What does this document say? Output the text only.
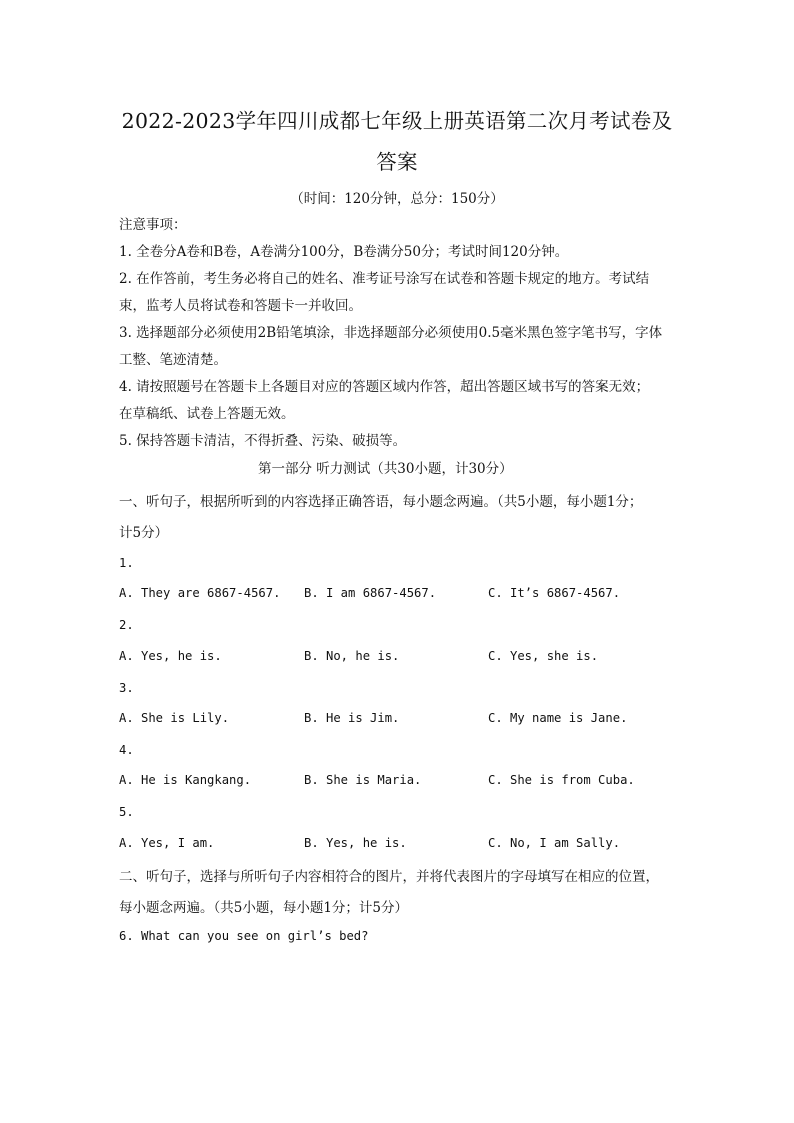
2022-2023学年四川成都七年级上册英语第二次月考试卷及
答案
（时间：120分钟，总分：150分）
注意事项：
1. 全卷分A卷和B卷，A卷满分100分，B卷满分50分；考试时间120分钟。
2. 在作答前，考生务必将自己的姓名、准考证号涂写在试卷和答题卡规定的地方。考试结
束，监考人员将试卷和答题卡一并收回。
3. 选择题部分必须使用2B铅笔填涂，非选择题部分必须使用0.5毫米黑色签字笔书写，字体
工整、笔迹清楚。
4. 请按照题号在答题卡上各题目对应的答题区域内作答，超出答题区域书写的答案无效；
在草稿纸、试卷上答题无效。
5. 保持答题卡清洁，不得折叠、污染、破损等。
第一部分 听力测试（共30小题，计30分）
一、听句子，根据所听到的内容选择正确答语，每小题念两遍。（共5小题，每小题1分；
计5分）
1.
A. They are 6867-4567. B. I am 6867-4567.	C. It’s 6867-4567.
2.
A. Yes, he is.	B. No, he is.	C. Yes, she is.
3.
A. She is Lily.	B. He is Jim.	C. My name is Jane.
4.
A. He is Kangkang.	B. She is Maria.	C. She is from Cuba.
5.
A. Yes, I am.	B. Yes, he is.	C. No, I am Sally.
二、听句子，选择与所听句子内容相符合的图片，并将代表图片的字母填写在相应的位置，
每小题念两遍。（共5小题，每小题1分；计5分）
6. What can you see on girl’s bed?
